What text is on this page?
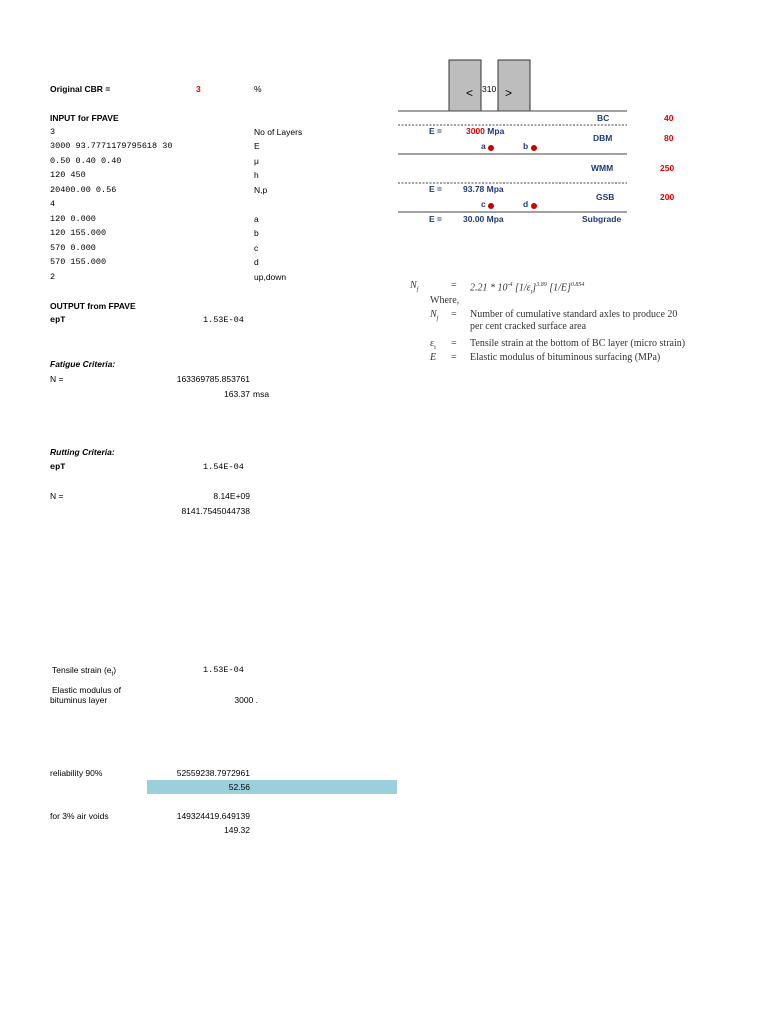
Original CBR =	3	%
INPUT for FPAVE
3	No of Layers
3000 93.7771179795618 30	E
0.50 0.40 0.40	μ
120 450	h
20400.00 0.56	N,p
4
120 0.000	a
120 155.000	b
570 0.000	c
570 155.000	d
2	up,down
OUTPUT from FPAVE
epT	1.53E-04
Fatigue Criteria:
N =	163369785.853761
163.37 msa
Rutting Criteria:
epT	1.54E-04
N =	8.14E+09
8141.7545044738
Tensile strain $(e_t)$	1.53E-04
Elastic modulus of
bituminus layer	3000 .
reliability 90%	52559238.7972961
52.56
for 3% air voids	149324419.649139
149.32
< 310 >
BC
DBM
WMM
GSB
Subgrade
40
80
250
200
E =	3000 Mpa
E = 93.78 Mpa
E = 30.00 Mpa
a	b
c	d
$N_f$	= $2.21 * 10^{-4}$ $[1/\varepsilon_t]^{3.89}$ $[1/E]^{0.854}$
Where,
$N_f$ = Number of cumulative standard axles to produce 20
per cent cracked surface area
$\varepsilon_t$ = Tensile strain at the bottom of BC layer (micro strain)
E = Elastic modulus of bituminous surfacing (MPa)
